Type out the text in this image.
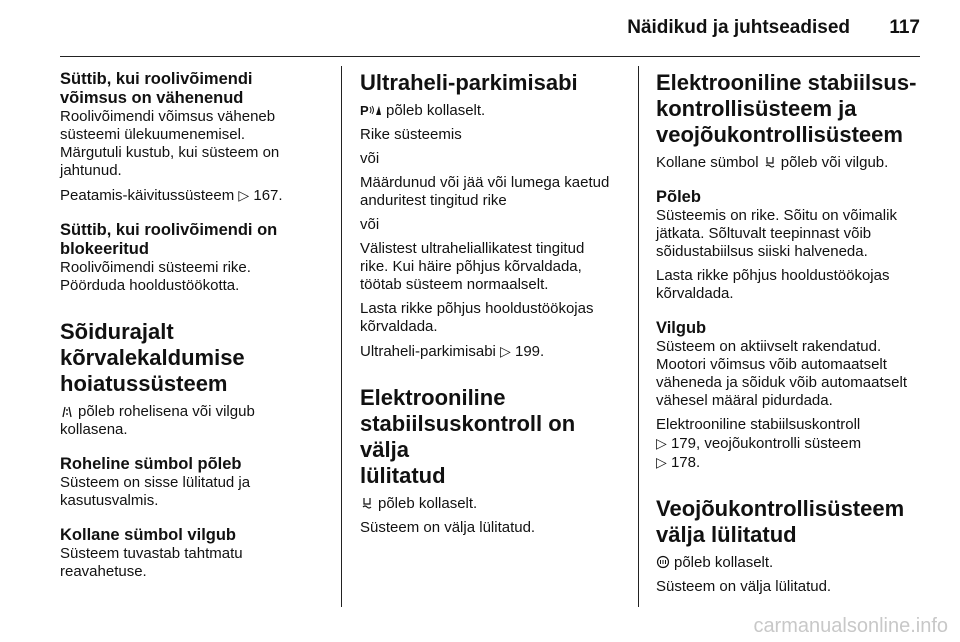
Näidikud ja juhtseadised 117

Süttib, kui roolivõimendi
võimsus on vähenenud

Roolivõimendi võimsus väheneb
süsteemi ülekuumenemisel.
Märgutuli kustub, kui süsteem on
jahtunud.

Peatamis-käivitussüsteem ▷ 167.

Süttib, kui roolivõimendi on
blokeeritud

Roolivõimendi süsteemi rike.
Pöörduda hooldustöökotta.

Sõidurajalt
kõrvalekaldumise
hoiatussüsteem

põleb rohelisena või vilgub
kollasena.

Roheline sümbol põleb

Süsteem on sisse lülitatud ja
kasutusvalmis.

Kollane sümbol vilgub

Süsteem tuvastab tahtmatu
reavahetuse.

Ultraheli-parkimisabi

P põleb kollaselt.

Rike süsteemis

või

Määrdunud või jää või lumega kaetud
anduritest tingitud rike

või

Välistest ultraheliallikatest tingitud
rike. Kui häire põhjus kõrvaldada,
töötab süsteem normaalselt.

Lasta rikke põhjus hooldustöökojas
kõrvaldada.

Ultraheli-parkimisabi ▷ 199.

Elektrooniline
stabiilsuskontroll on välja
lülitatud

põleb kollaselt.

Süsteem on välja lülitatud.

Elektrooniline stabiilsus-
kontrollisüsteem ja
veojõukontrollisüsteem

Kollane sümbol põleb või vilgub.

Põleb

Süsteemis on rike. Sõitu on võimalik
jätkata. Sõltuvalt teepinnast võib
sõidustabiilsus siiski halveneda.

Lasta rikke põhjus hooldustöökojas
kõrvaldada.

Vilgub

Süsteem on aktiivselt rakendatud.
Mootori võimsus võib automaatselt
väheneda ja sõiduk võib automaatselt
vähesel määral pidurdada.

Elektrooniline stabiilsuskontroll
▷ 179, veojõukontrolli süsteem
▷ 178.

Veojõukontrollisüsteem
välja lülitatud

põleb kollaselt.

Süsteem on välja lülitatud.

carmanualsonline.info
